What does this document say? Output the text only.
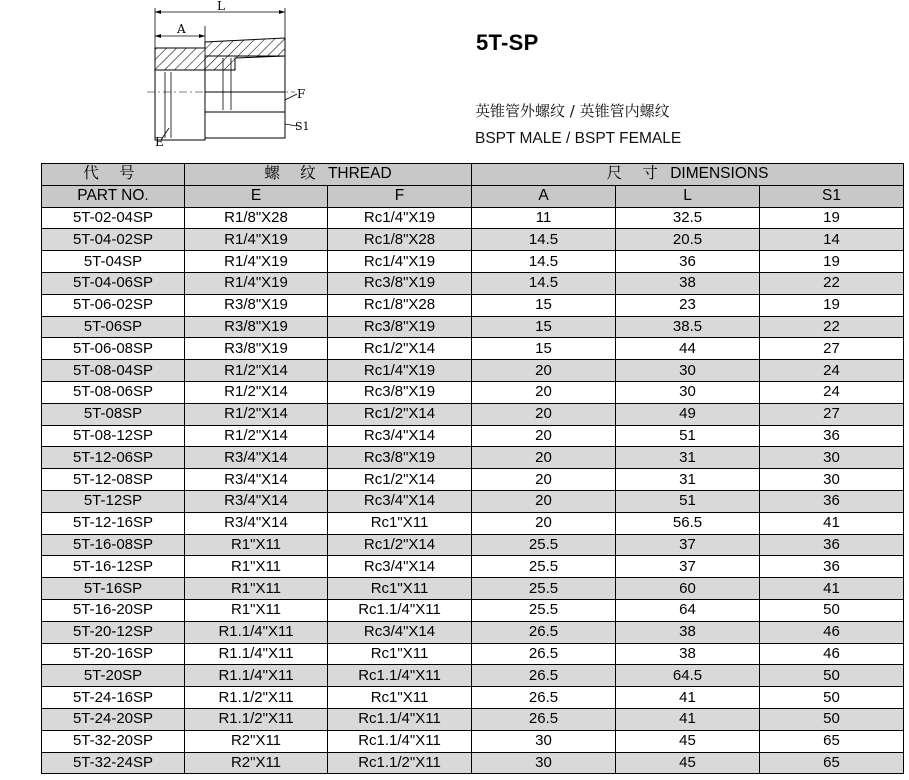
L
A
F
S1
E
5T-SP
英锥管外螺纹 / 英锥管内螺纹
BSPT MALE / BSPT FEMALE
代 号	螺 纹 THREAD		尺 寸 DIMENSIONS		
PART NO.	E	F	A	L	S1
5T-02-04SP	R1/8"X28	Rc1/4"X19	11	32.5	19
5T-04-02SP	R1/4"X19	Rc1/8"X28	14.5	20.5	14
5T-04SP	R1/4"X19	Rc1/4"X19	14.5	36	19
5T-04-06SP	R1/4"X19	Rc3/8"X19	14.5	38	22
5T-06-02SP	R3/8"X19	Rc1/8"X28	15	23	19
5T-06SP	R3/8"X19	Rc3/8"X19	15	38.5	22
5T-06-08SP	R3/8"X19	Rc1/2"X14	15	44	27
5T-08-04SP	R1/2"X14	Rc1/4"X19	20	30	24
5T-08-06SP	R1/2"X14	Rc3/8"X19	20	30	24
5T-08SP	R1/2"X14	Rc1/2"X14	20	49	27
5T-08-12SP	R1/2"X14	Rc3/4"X14	20	51	36
5T-12-06SP	R3/4"X14	Rc3/8"X19	20	31	30
5T-12-08SP	R3/4"X14	Rc1/2"X14	20	31	30
5T-12SP	R3/4"X14	Rc3/4"X14	20	51	36
5T-12-16SP	R3/4"X14	Rc1"X11	20	56.5	41
5T-16-08SP	R1"X11	Rc1/2"X14	25.5	37	36
5T-16-12SP	R1"X11	Rc3/4"X14	25.5	37	36
5T-16SP	R1"X11	Rc1"X11	25.5	60	41
5T-16-20SP	R1"X11	Rc1.1/4"X11	25.5	64	50
5T-20-12SP	R1.1/4"X11	Rc3/4"X14	26.5	38	46
5T-20-16SP	R1.1/4"X11	Rc1"X11	26.5	38	46
5T-20SP	R1.1/4"X11	Rc1.1/4"X11	26.5	64.5	50
5T-24-16SP	R1.1/2"X11	Rc1"X11	26.5	41	50
5T-24-20SP	R1.1/2"X11	Rc1.1/4"X11	26.5	41	50
5T-32-20SP	R2"X11	Rc1.1/4"X11	30	45	65
5T-32-24SP	R2"X11	Rc1.1/2"X11	30	45	65
